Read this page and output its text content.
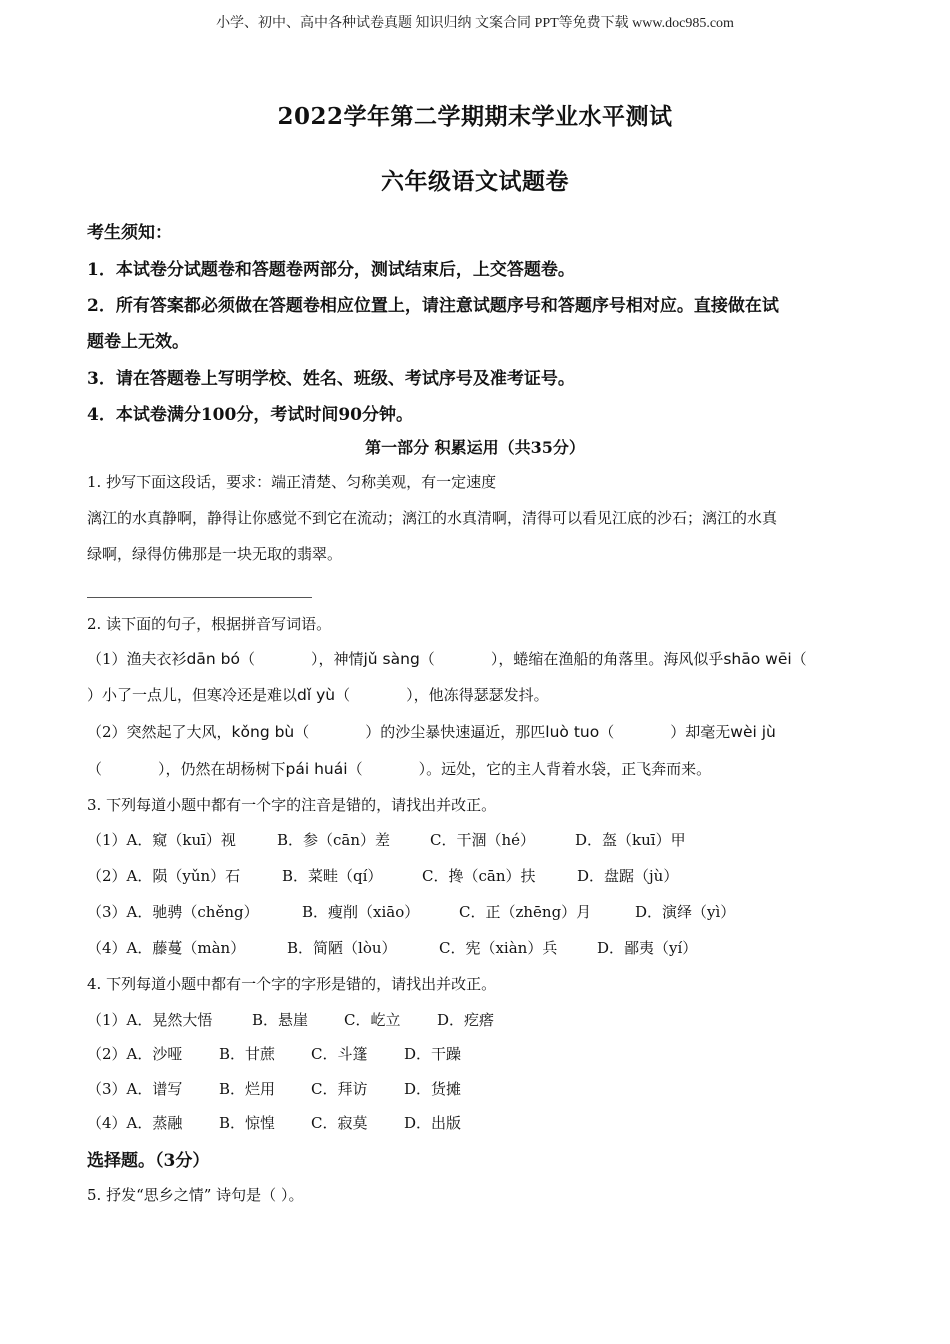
小学、初中、高中各种试卷真题 知识归纳 文案合同 PPT等免费下载 www.doc985.com
2022学年第二学期期末学业水平测试
六年级语文试题卷
考生须知：
1．本试卷分试题卷和答题卷两部分，测试结束后，上交答题卷。
2．所有答案都必须做在答题卷相应位置上，请注意试题序号和答题序号相对应。直接做在试
题卷上无效。
3．请在答题卷上写明学校、姓名、班级、考试序号及准考证号。
4．本试卷满分100分，考试时间90分钟。
第一部分 积累运用（共35分）
1. 抄写下面这段话，要求：端正清楚、匀称美观，有一定速度
漓江的水真静啊，静得让你感觉不到它在流动；漓江的水真清啊，清得可以看见江底的沙石；漓江的水真
绿啊，绿得仿佛那是一块无取的翡翠。
2. 读下面的句子，根据拼音写词语。
（1）渔夫衣衫dān bó（	），神情jǔ sàng（	），蜷缩在渔船的角落里。海风似乎shāo wēi（
）小了一点儿，但寒冷还是难以dǐ yù（	），他冻得瑟瑟发抖。
（2）突然起了大风，kǒng bù（	）的沙尘暴快速逼近，那匹luò tuo（	）却毫无wèi jù
（	），仍然在胡杨树下pái huái（	）。远处，它的主人背着水袋，正飞奔而来。
3. 下列每道小题中都有一个字的注音是错的，请找出并改正。
（1）A．窥（kuī）视	B．参（cān）差	C．干涸（hé）	D．盔（kuī）甲
（2）A．陨（yǔn）石	B．菜畦（qí）	C．搀（cān）扶	D．盘踞（jù）
（3）A．驰骋（chěng）	B．瘦削（xiāo）	C．正（zhēng）月	D．演绎（yì）
（4）A．藤蔓（màn）	B．简陋（lòu）	C．宪（xiàn）兵	D．鄙夷（yí）
4. 下列每道小题中都有一个字的字形是错的，请找出并改正。
（1）A．晃然大悟	B．悬崖 C．屹立 D．疙瘩
（2）A．沙哑 B．甘蔗 C．斗篷 D．干躁
（3）A．谱写 B．烂用 C．拜访 D．货摊
（4）A．蒸融 B．惊惶 C．寂莫 D．出版
选择题。（3分）
5. 抒发“思乡之情” 诗句是（ ）。
